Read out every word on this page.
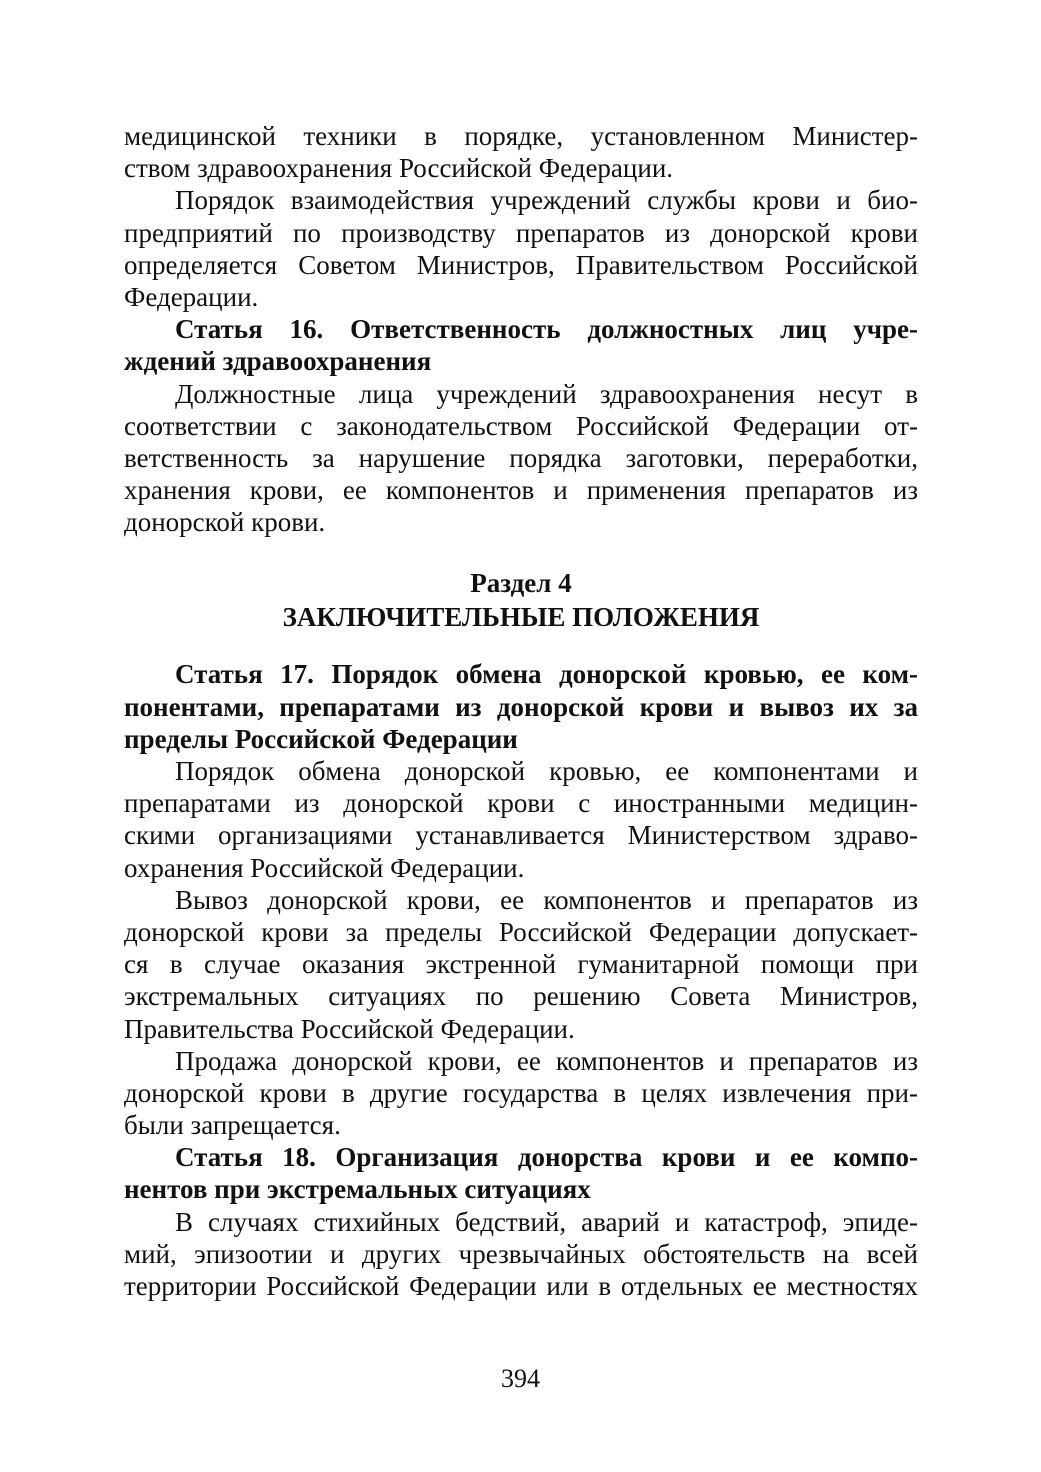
медицинской техники в порядке, установленном Министер-
ством здравоохранения Российской Федерации.
Порядок взаимодействия учреждений службы крови и био-
предприятий по производству препаратов из донорской крови
определяется Советом Министров, Правительством Российской
Федерации.
Статья 16. Ответственность должностных лиц учре-
ждений здравоохранения
Должностные лица учреждений здравоохранения несут в
соответствии с законодательством Российской Федерации от-
ветственность за нарушение порядка заготовки, переработки,
хранения крови, ее компонентов и применения препаратов из
донорской крови.
Раздел 4
ЗАКЛЮЧИТЕЛЬНЫЕ ПОЛОЖЕНИЯ
Статья 17. Порядок обмена донорской кровью, ее ком-
понентами, препаратами из донорской крови и вывоз их за
пределы Российской Федерации
Порядок обмена донорской кровью, ее компонентами и
препаратами из донорской крови с иностранными медицин-
скими организациями устанавливается Министерством здраво-
охранения Российской Федерации.
Вывоз донорской крови, ее компонентов и препаратов из
донорской крови за пределы Российской Федерации допускает-
ся в случае оказания экстренной гуманитарной помощи при
экстремальных ситуациях по решению Совета Министров,
Правительства Российской Федерации.
Продажа донорской крови, ее компонентов и препаратов из
донорской крови в другие государства в целях извлечения при-
были запрещается.
Статья 18. Организация донорства крови и ее компо-
нентов при экстремальных ситуациях
В случаях стихийных бедствий, аварий и катастроф, эпиде-
мий, эпизоотии и других чрезвычайных обстоятельств на всей
территории Российской Федерации или в отдельных ее местностях
394
